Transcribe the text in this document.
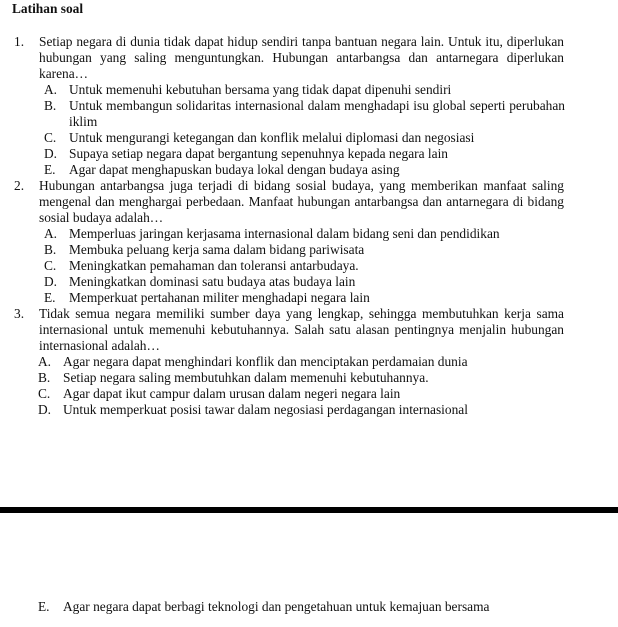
Latihan soal
1. Setiap negara di dunia tidak dapat hidup sendiri tanpa bantuan negara lain. Untuk itu, diperlukan hubungan yang saling menguntungkan. Hubungan antarbangsa dan antarnegara diperlukan karena…
A. Untuk memenuhi kebutuhan bersama yang tidak dapat dipenuhi sendiri
B. Untuk membangun solidaritas internasional dalam menghadapi isu global seperti perubahan iklim
C. Untuk mengurangi ketegangan dan konflik melalui diplomasi dan negosiasi
D. Supaya setiap negara dapat bergantung sepenuhnya kepada negara lain
E. Agar dapat menghapuskan budaya lokal dengan budaya asing
2. Hubungan antarbangsa juga terjadi di bidang sosial budaya, yang memberikan manfaat saling mengenal dan menghargai perbedaan. Manfaat hubungan antarbangsa dan antarnegara di bidang sosial budaya adalah…
A. Memperluas jaringan kerjasama internasional dalam bidang seni dan pendidikan
B. Membuka peluang kerja sama dalam bidang pariwisata
C. Meningkatkan pemahaman dan toleransi antarbudaya.
D. Meningkatkan dominasi satu budaya atas budaya lain
E. Memperkuat pertahanan militer menghadapi negara lain
3. Tidak semua negara memiliki sumber daya yang lengkap, sehingga membutuhkan kerja sama internasional untuk memenuhi kebutuhannya. Salah satu alasan pentingnya menjalin hubungan internasional adalah…
A. Agar negara dapat menghindari konflik dan menciptakan perdamaian dunia
B. Setiap negara saling membutuhkan dalam memenuhi kebutuhannya.
C. Agar dapat ikut campur dalam urusan dalam negeri negara lain
D. Untuk memperkuat posisi tawar dalam negosiasi perdagangan internasional
E. Agar negara dapat berbagi teknologi dan pengetahuan untuk kemajuan bersama
